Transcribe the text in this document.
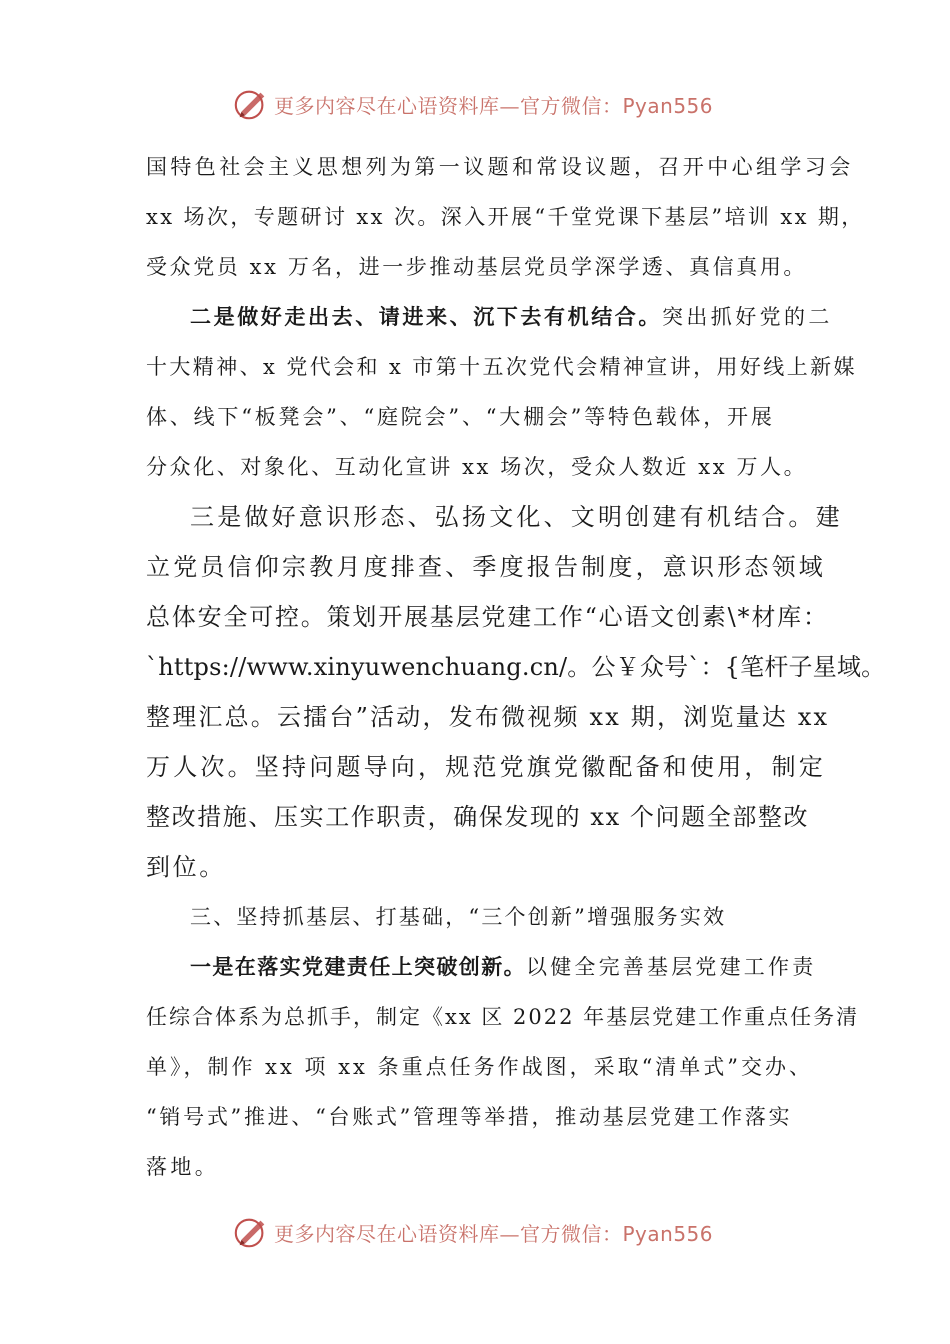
更多内容尽在心语资料库—官方微信：Pyan556
国特色社会主义思想列为第一议题和常设议题，召开中心组学习会
xx 场次，专题研讨 xx 次。深入开展“千堂党课下基层”培训 xx 期，
受众党员 xx 万名，进一步推动基层党员学深学透、真信真用。
二是做好走出去、请进来、沉下去有机结合。突出抓好党的二
十大精神、x 党代会和 x 市第十五次党代会精神宣讲，用好线上新媒
体、线下“板凳会”、“庭院会”、“大棚会”等特色载体，开展
分众化、对象化、互动化宣讲 xx 场次，受众人数近 xx 万人。
三是做好意识形态、弘扬文化、文明创建有机结合。建
立党员信仰宗教月度排查、季度报告制度，意识形态领域
总体安全可控。策划开展基层党建工作“心语文创素\*材库：
`https://www.xinyuwenchuang.cn/。公￥众号`：{笔杆子星域。
整理汇总。云擂台”活动，发布微视频 xx 期，浏览量达 xx
万人次。坚持问题导向，规范党旗党徽配备和使用，制定
整改措施、压实工作职责，确保发现的 xx 个问题全部整改
到位。
三、坚持抓基层、打基础，“三个创新”增强服务实效
一是在落实党建责任上突破创新。以健全完善基层党建工作责
任综合体系为总抓手，制定《xx 区 2022 年基层党建工作重点任务清
单》，制作 xx 项 xx 条重点任务作战图，采取“清单式”交办、
“销号式”推进、“台账式”管理等举措，推动基层党建工作落实
落地。
更多内容尽在心语资料库—官方微信：Pyan556
